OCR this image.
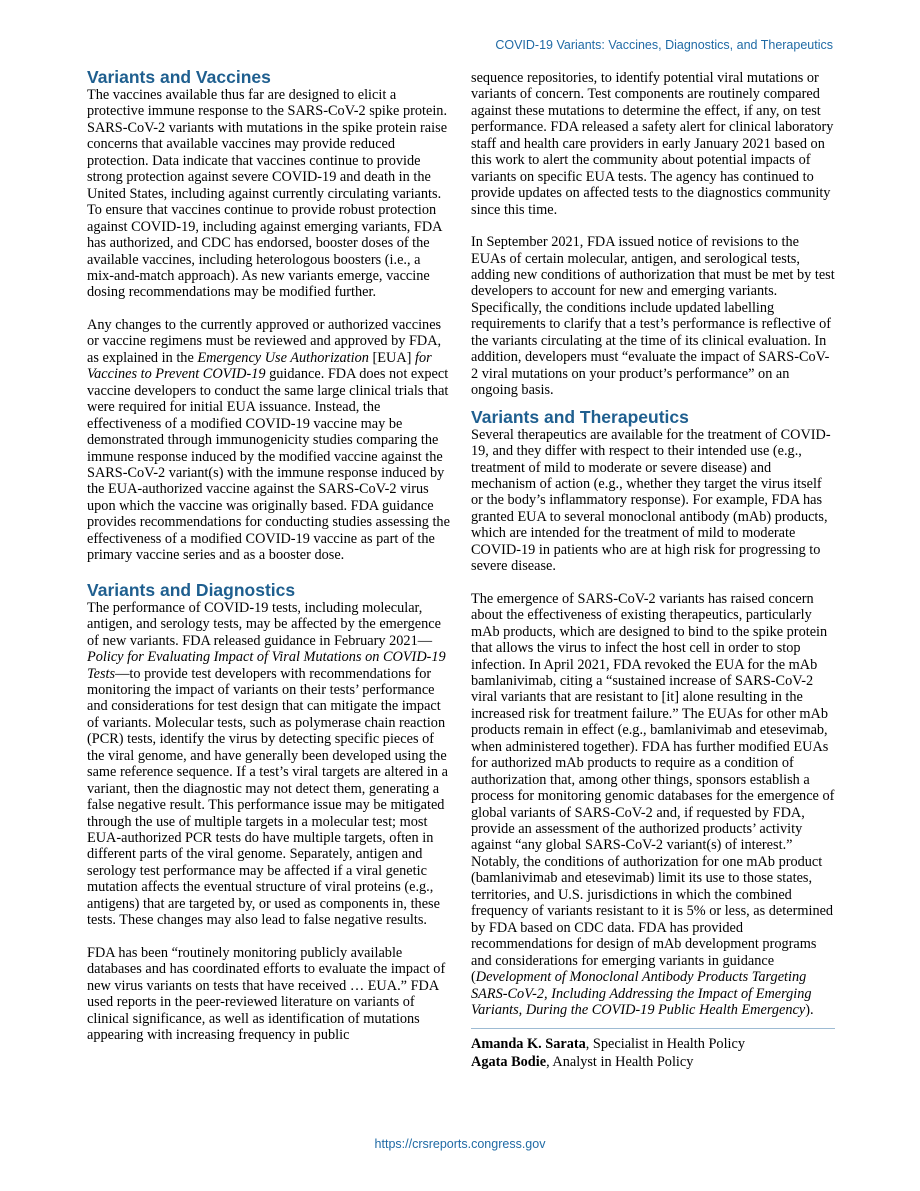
COVID-19 Variants: Vaccines, Diagnostics, and Therapeutics
Variants and Vaccines

The vaccines available thus far are designed to elicit a protective immune response to the SARS-CoV-2 spike protein. SARS-CoV-2 variants with mutations in the spike protein raise concerns that available vaccines may provide reduced protection. Data indicate that vaccines continue to provide strong protection against severe COVID-19 and death in the United States, including against currently circulating variants. To ensure that vaccines continue to provide robust protection against COVID-19, including against emerging variants, FDA has authorized, and CDC has endorsed, booster doses of the available vaccines, including heterologous boosters (i.e., a mix-and-match approach). As new variants emerge, vaccine dosing recommendations may be modified further.

Any changes to the currently approved or authorized vaccines or vaccine regimens must be reviewed and approved by FDA, as explained in the Emergency Use Authorization [EUA] for Vaccines to Prevent COVID-19 guidance. FDA does not expect vaccine developers to conduct the same large clinical trials that were required for initial EUA issuance. Instead, the effectiveness of a modified COVID-19 vaccine may be demonstrated through immunogenicity studies comparing the immune response induced by the modified vaccine against the SARS-CoV-2 variant(s) with the immune response induced by the EUA-authorized vaccine against the SARS-CoV-2 virus upon which the vaccine was originally based. FDA guidance provides recommendations for conducting studies assessing the effectiveness of a modified COVID-19 vaccine as part of the primary vaccine series and as a booster dose.

Variants and Diagnostics

The performance of COVID-19 tests, including molecular, antigen, and serology tests, may be affected by the emergence of new variants. FDA released guidance in February 2021—Policy for Evaluating Impact of Viral Mutations on COVID-19 Tests—to provide test developers with recommendations for monitoring the impact of variants on their tests’ performance and considerations for test design that can mitigate the impact of variants. Molecular tests, such as polymerase chain reaction (PCR) tests, identify the virus by detecting specific pieces of the viral genome, and have generally been developed using the same reference sequence. If a test’s viral targets are altered in a variant, then the diagnostic may not detect them, generating a false negative result. This performance issue may be mitigated through the use of multiple targets in a molecular test; most EUA-authorized PCR tests do have multiple targets, often in different parts of the viral genome. Separately, antigen and serology test performance may be affected if a viral genetic mutation affects the eventual structure of viral proteins (e.g., antigens) that are targeted by, or used as components in, these tests. These changes may also lead to false negative results.

FDA has been “routinely monitoring publicly available databases and has coordinated efforts to evaluate the impact of new virus variants on tests that have received … EUA.” FDA used reports in the peer-reviewed literature on variants of clinical significance, as well as identification of mutations appearing with increasing frequency in public

sequence repositories, to identify potential viral mutations or variants of concern. Test components are routinely compared against these mutations to determine the effect, if any, on test performance. FDA released a safety alert for clinical laboratory staff and health care providers in early January 2021 based on this work to alert the community about potential impacts of variants on specific EUA tests. The agency has continued to provide updates on affected tests to the diagnostics community since this time.

In September 2021, FDA issued notice of revisions to the EUAs of certain molecular, antigen, and serological tests, adding new conditions of authorization that must be met by test developers to account for new and emerging variants. Specifically, the conditions include updated labelling requirements to clarify that a test’s performance is reflective of the variants circulating at the time of its clinical evaluation. In addition, developers must “evaluate the impact of SARS-CoV-2 viral mutations on your product’s performance” on an ongoing basis.

Variants and Therapeutics

Several therapeutics are available for the treatment of COVID-19, and they differ with respect to their intended use (e.g., treatment of mild to moderate or severe disease) and mechanism of action (e.g., whether they target the virus itself or the body’s inflammatory response). For example, FDA has granted EUA to several monoclonal antibody (mAb) products, which are intended for the treatment of mild to moderate COVID-19 in patients who are at high risk for progressing to severe disease.

The emergence of SARS-CoV-2 variants has raised concern about the effectiveness of existing therapeutics, particularly mAb products, which are designed to bind to the spike protein that allows the virus to infect the host cell in order to stop infection. In April 2021, FDA revoked the EUA for the mAb bamlanivimab, citing a “sustained increase of SARS-CoV-2 viral variants that are resistant to [it] alone resulting in the increased risk for treatment failure.” The EUAs for other mAb products remain in effect (e.g., bamlanivimab and etesevimab, when administered together). FDA has further modified EUAs for authorized mAb products to require as a condition of authorization that, among other things, sponsors establish a process for monitoring genomic databases for the emergence of global variants of SARS-CoV-2 and, if requested by FDA, provide an assessment of the authorized products’ activity against “any global SARS-CoV-2 variant(s) of interest.” Notably, the conditions of authorization for one mAb product (bamlanivimab and etesevimab) limit its use to those states, territories, and U.S. jurisdictions in which the combined frequency of variants resistant to it is 5% or less, as determined by FDA based on CDC data. FDA has provided recommendations for design of mAb development programs and considerations for emerging variants in guidance (Development of Monoclonal Antibody Products Targeting SARS-CoV-2, Including Addressing the Impact of Emerging Variants, During the COVID-19 Public Health Emergency).

Amanda K. Sarata, Specialist in Health Policy
Agata Bodie, Analyst in Health Policy
https://crsreports.congress.gov
